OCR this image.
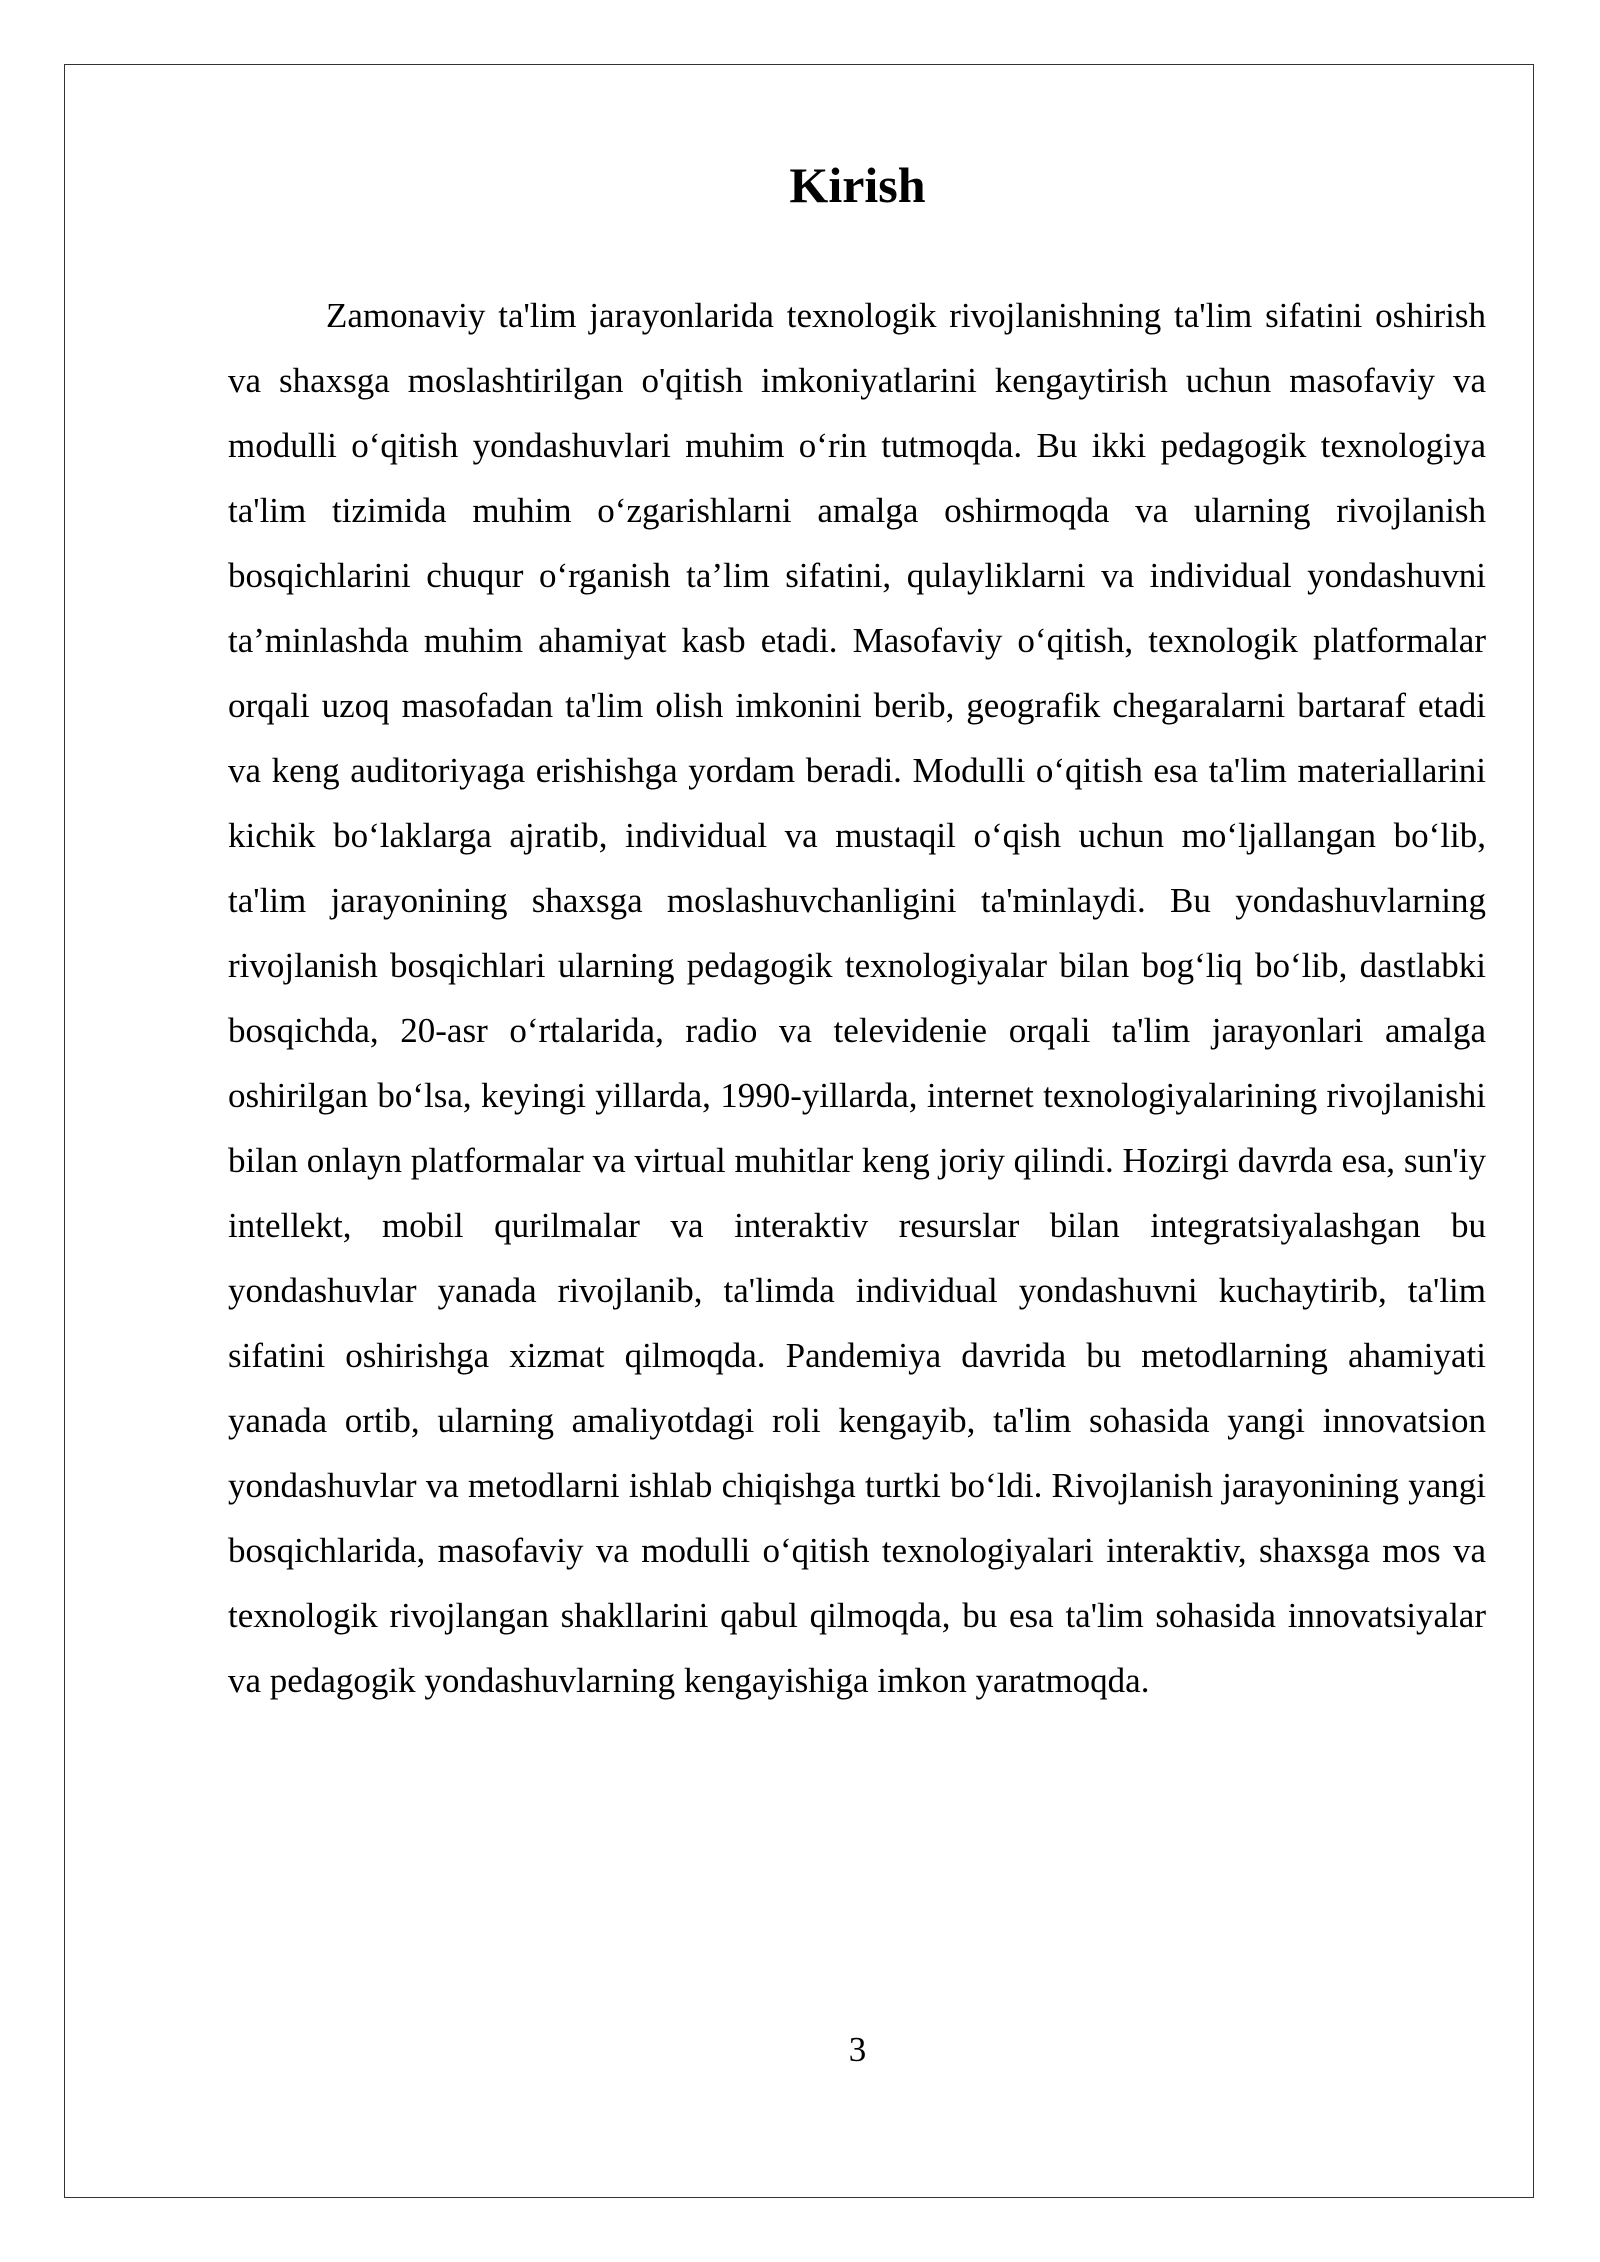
Kirish

Zamonaviy ta'lim jarayonlarida texnologik rivojlanishning ta'lim sifatini oshirish va shaxsga moslashtirilgan o'qitish imkoniyatlarini kengaytirish uchun masofaviy va modulli oʻqitish yondashuvlari muhim oʻrin tutmoqda. Bu ikki pedagogik texnologiya ta'lim tizimida muhim oʻzgarishlarni amalga oshirmoqda va ularning rivojlanish bosqichlarini chuqur oʻrganish ta’lim sifatini, qulayliklarni va individual yondashuvni ta’minlashda muhim ahamiyat kasb etadi. Masofaviy oʻqitish, texnologik platformalar orqali uzoq masofadan ta'lim olish imkonini berib, geografik chegaralarni bartaraf etadi va keng auditoriyaga erishishga yordam beradi. Modulli oʻqitish esa ta'lim materiallarini kichik boʻlaklarga ajratib, individual va mustaqil oʻqish uchun moʻljallangan boʻlib, ta'lim jarayonining shaxsga moslashuvchanligini ta'minlaydi. Bu yondashuvlarning rivojlanish bosqichlari ularning pedagogik texnologiyalar bilan bogʻliq boʻlib, dastlabki bosqichda, 20-asr oʻrtalarida, radio va televidenie orqali ta'lim jarayonlari amalga oshirilgan boʻlsa, keyingi yillarda, 1990-yillarda, internet texnologiyalarining rivojlanishi bilan onlayn platformalar va virtual muhitlar keng joriy qilindi. Hozirgi davrda esa, sun'iy intellekt, mobil qurilmalar va interaktiv resurslar bilan integratsiyalashgan bu yondashuvlar yanada rivojlanib, ta'limda individual yondashuvni kuchaytirib, ta'lim sifatini oshirishga xizmat qilmoqda. Pandemiya davrida bu metodlarning ahamiyati yanada ortib, ularning amaliyotdagi roli kengayib, ta'lim sohasida yangi innovatsion yondashuvlar va metodlarni ishlab chiqishga turtki boʻldi. Rivojlanish jarayonining yangi bosqichlarida, masofaviy va modulli oʻqitish texnologiyalari interaktiv, shaxsga mos va texnologik rivojlangan shakllarini qabul qilmoqda, bu esa ta'lim sohasida innovatsiyalar va pedagogik yondashuvlarning kengayishiga imkon yaratmoqda.

3
